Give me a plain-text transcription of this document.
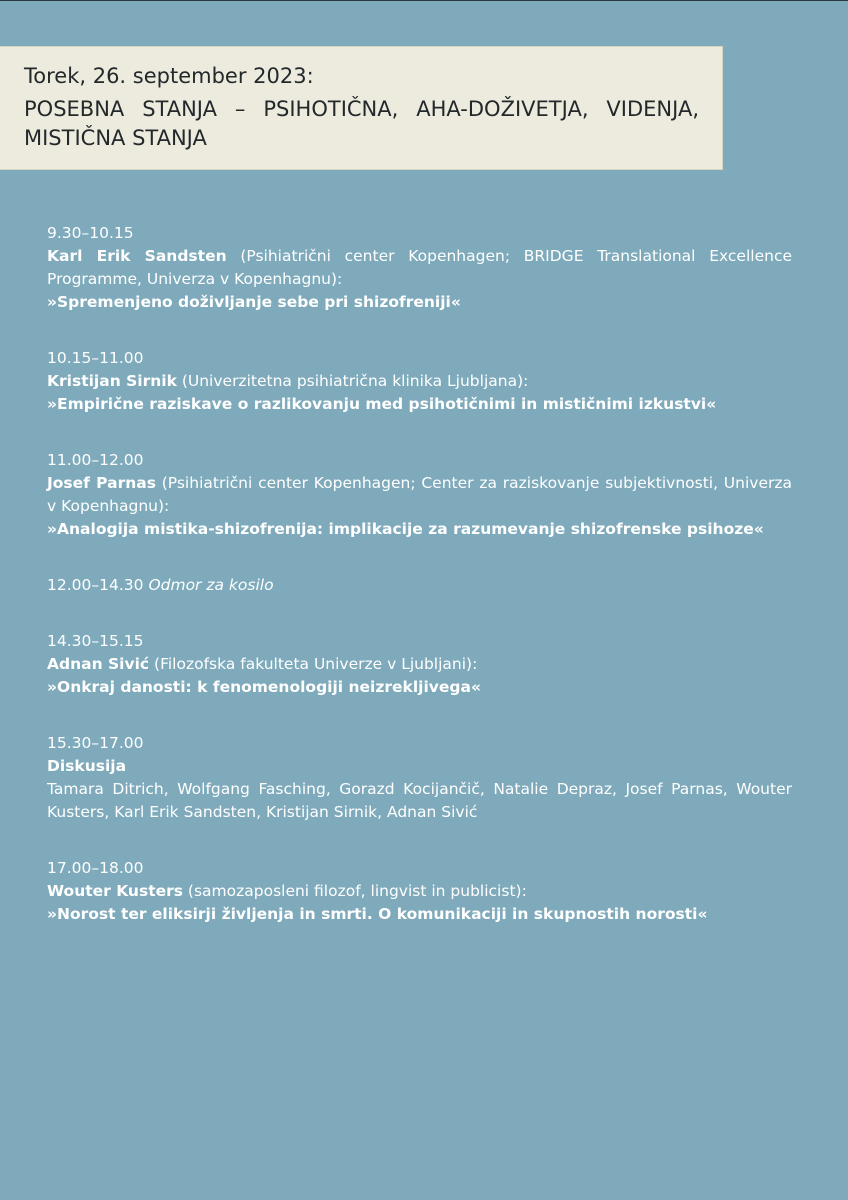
Torek, 26. september 2023:
POSEBNA STANJA – PSIHOTIČNA, AHA-DOŽIVETJA, VIDENJA, MISTIČNA STANJA
9.30–10.15
Karl Erik Sandsten (Psihiatrični center Kopenhagen; BRIDGE Translational Excellence Programme, Univerza v Kopenhagnu):
»Spremenjeno doživljanje sebe pri shizofreniji«
10.15–11.00
Kristijan Sirnik (Univerzitetna psihiatrična klinika Ljubljana):
»Empirične raziskave o razlikovanju med psihotičnimi in mističnimi izkustvi«
11.00–12.00
Josef Parnas (Psihiatrični center Kopenhagen; Center za raziskovanje subjektivnosti, Univerza v Kopenhagnu):
»Analogija mistika-shizofrenija: implikacije za razumevanje shizofrenske psihoze«
12.00–14.30 Odmor za kosilo
14.30–15.15
Adnan Sivić (Filozofska fakulteta Univerze v Ljubljani):
»Onkraj danosti: k fenomenologiji neizrekljivega«
15.30–17.00
Diskusija
Tamara Ditrich, Wolfgang Fasching, Gorazd Kocijančič, Natalie Depraz, Josef Parnas, Wouter Kusters, Karl Erik Sandsten, Kristijan Sirnik, Adnan Sivić
17.00–18.00
Wouter Kusters (samozaposleni filozof, lingvist in publicist):
»Norost ter eliksirji življenja in smrti. O komunikaciji in skupnostih norosti«
